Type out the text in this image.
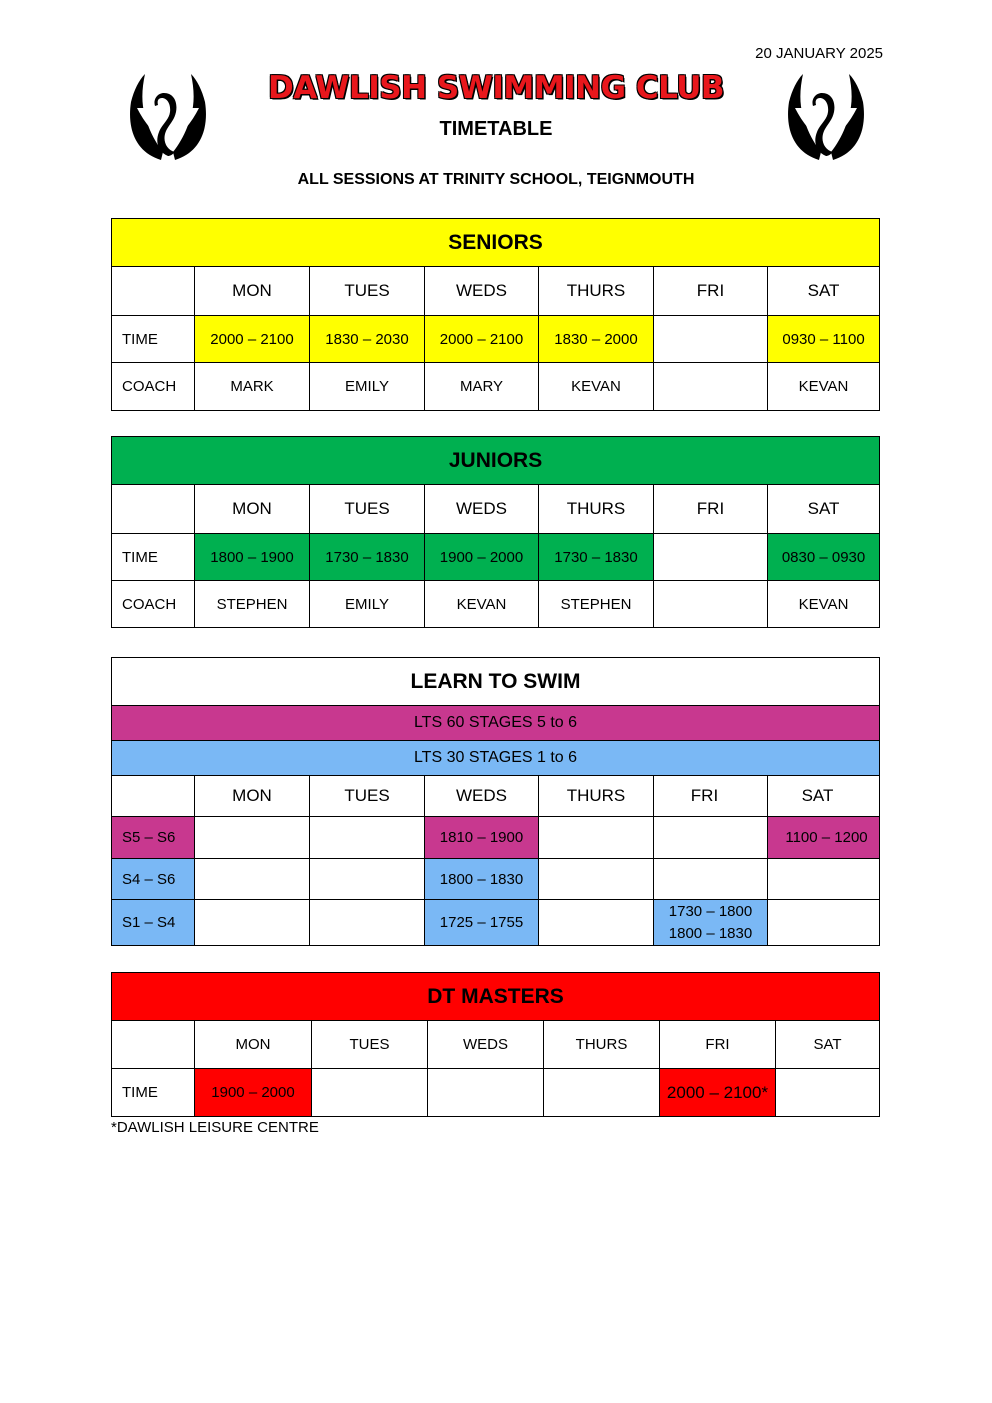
20 JANUARY 2025
DAWLISH SWIMMING CLUB
TIMETABLE
ALL SESSIONS AT TRINITY SCHOOL, TEIGNMOUTH
SENIORS						
	MON	TUES	WEDS	THURS	FRI	SAT
TIME	2000 – 2100	1830 – 2030	2000 – 2100	1830 – 2000		0930 – 1100
COACH	MARK	EMILY	MARY	KEVAN		KEVAN
JUNIORS						
	MON	TUES	WEDS	THURS	FRI	SAT
TIME	1800 – 1900	1730 – 1830	1900 – 2000	1730 – 1830		0830 – 0930
COACH	STEPHEN	EMILY	KEVAN	STEPHEN		KEVAN
LEARN TO SWIM						
LTS 60 STAGES 5 to 6						
LTS 30 STAGES 1 to 6						
	MON	TUES	WEDS	THURS	FRI	SAT
S5 – S6			1810 – 1900			1100 – 1200
S4 – S6			1800 – 1830			
S1 – S4			1725 – 1755		1730 – 1800
1800 – 1830	

DT MASTERS						
	MON	TUES	WEDS	THURS	FRI	SAT
TIME	1900 – 2000				2000 – 2100*	
*DAWLISH LEISURE CENTRE
